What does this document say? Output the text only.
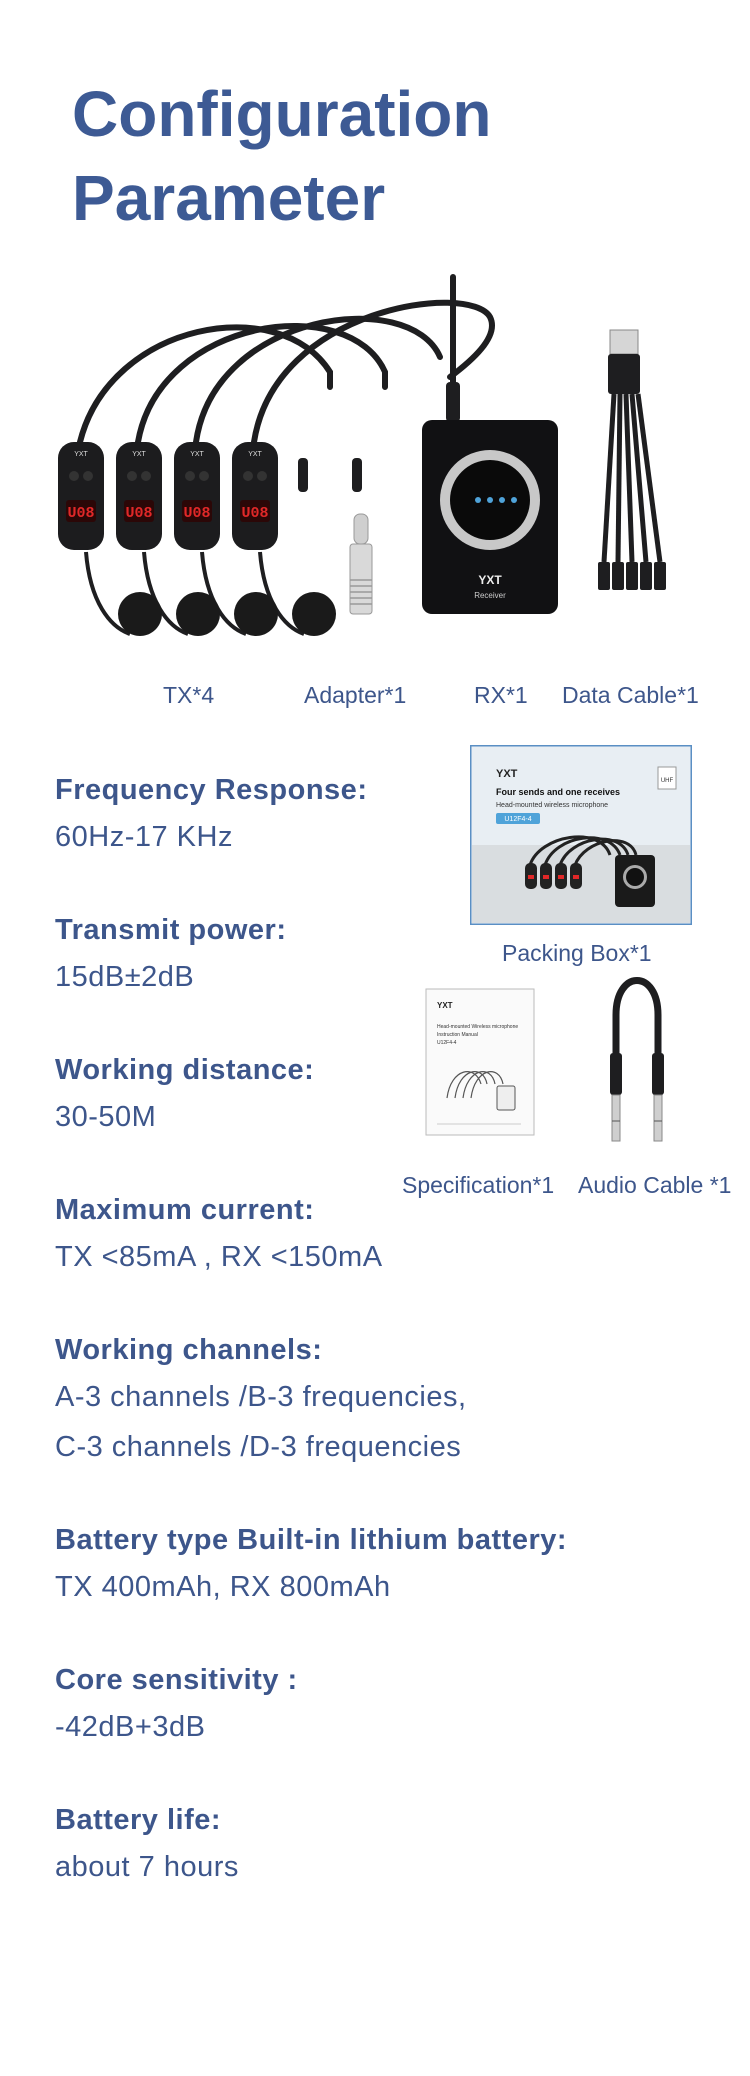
Configuration
Parameter
YXT
U08
YXT
U08
YXT
U08
YXT
U08
YXT
Receiver
TX*4	Adapter*1	RX*1 Data Cable*1
YXT
Four sends and one receives
Head-mounted wireless microphone
U12F4-4
UHF
Packing Box*1
YXT
Head-mounted Wireless microphone
Instruction Manual
U12F4-4
Specification*1 Audio Cable *1
Frequency Response:
60Hz-17 KHz
Transmit power:
15dB±2dB
Working distance:
30-50M
Maximum current:
TX <85mA , RX <150mA
Working channels:
A-3 channels /B-3 frequencies,
C-3 channels /D-3 frequencies
Battery type Built-in lithium battery:
TX 400mAh, RX 800mAh
Core sensitivity :
-42dB+3dB
Battery life:
about 7 hours
